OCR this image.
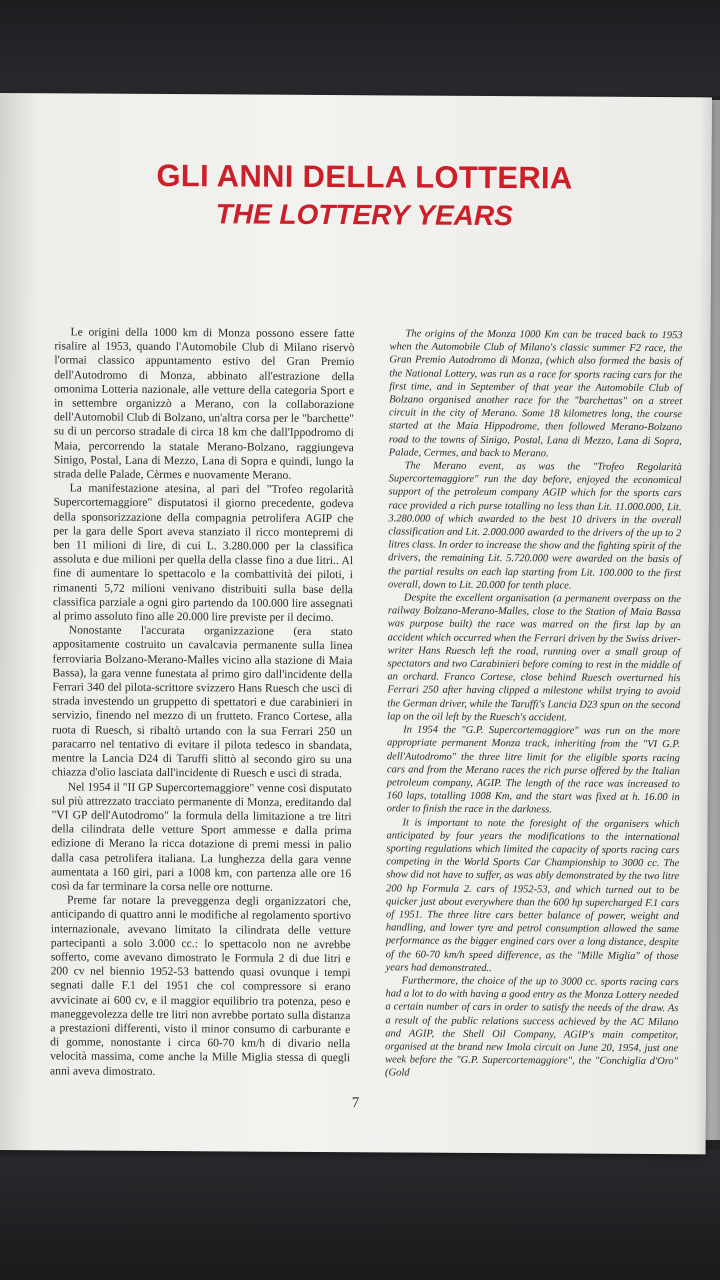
GLI ANNI DELLA LOTTERIA
THE LOTTERY YEARS

Le origini della 1000 km di Monza possono essere fatte risalire al 1953, quando l'Automobile Club di Milano riservò l'ormai classico appuntamento estivo del Gran Premio dell'Autodromo di Monza, abbinato all'estrazione della omonima Lotteria nazionale, alle vetture della categoria Sport e in settembre organizzò a Merano, con la collaborazione dell'Automobil Club di Bolzano, un'altra corsa per le "barchette" su di un percorso stradale di circa 18 km che dall'Ippodromo di Maia, percorrendo la statale Merano-Bolzano, raggiungeva Sinigo, Postal, Lana di Mezzo, Lana di Sopra e quindi, lungo la strada delle Palade, Cèrmes e nuovamente Merano.

La manifestazione atesina, al pari del "Trofeo regolarità Supercortemaggiore" disputatosi il giorno precedente, godeva della sponsorizzazione della compagnia petrolifera AGIP che per la gara delle Sport aveva stanziato il ricco montepremi di ben 11 milioni di lire, di cui L. 3.280.000 per la classifica assoluta e due milioni per quella della classe fino a due litri.. Al fine di aumentare lo spettacolo e la combattività dei piloti, i rimanenti 5,72 milioni venivano distribuiti sulla base della classifica parziale a ogni giro partendo da 100.000 lire assegnati al primo assoluto fino alle 20.000 lire previste per il decimo.

Nonostante l'accurata organizzazione (era stato appositamente costruito un cavalcavia permanente sulla linea ferroviaria Bolzano-Merano-Malles vicino alla stazione di Maia Bassa), la gara venne funestata al primo giro dall'incidente della Ferrari 340 del pilota-scrittore svizzero Hans Ruesch che uscì di strada investendo un gruppetto di spettatori e due carabinieri in servizio, finendo nel mezzo di un frutteto. Franco Cortese, alla ruota di Ruesch, si ribaltò urtando con la sua Ferrari 250 un paracarro nel tentativo di evitare il pilota tedesco in sbandata, mentre la Lancia D24 di Taruffi slittò al secondo giro su una chiazza d'olio lasciata dall'incidente di Ruesch e uscì di strada.

Nel 1954 il "II GP Supercortemaggiore" venne così disputato sul più attrezzato tracciato permanente di Monza, ereditando dal "VI GP dell'Autodromo" la formula della limitazione a tre litri della cilindrata delle vetture Sport ammesse e dalla prima edizione di Merano la ricca dotazione di premi messi in palio dalla casa petrolifera italiana. La lunghezza della gara venne aumentata a 160 giri, pari a 1008 km, con partenza alle ore 16 così da far terminare la corsa nelle ore notturne.

Preme far notare la preveggenza degli organizzatori che, anticipando di quattro anni le modifiche al regolamento sportivo internazionale, avevano limitato la cilindrata delle vetture partecipanti a solo 3.000 cc.: lo spettacolo non ne avrebbe sofferto, come avevano dimostrato le Formula 2 di due litri e 200 cv nel biennio 1952-53 battendo quasi ovunque i tempi segnati dalle F.1 del 1951 che col compressore si erano avvicinate ai 600 cv, e il maggior equilibrio tra potenza, peso e maneggevolezza delle tre litri non avrebbe portato sulla distanza a prestazioni differenti, visto il minor consumo di carburante e di gomme, nonostante i circa 60-70 km/h di divario nella velocità massima, come anche la Mille Miglia stessa di quegli anni aveva dimostrato.

The origins of the Monza 1000 Km can be traced back to 1953 when the Automobile Club of Milano's classic summer F2 race, the Gran Premio Autodromo di Monza, (which also formed the basis of the National Lottery, was run as a race for sports racing cars for the first time, and in September of that year the Automobile Club of Bolzano organised another race for the "barchettas" on a street circuit in the city of Merano. Some 18 kilometres long, the course started at the Maia Hippodrome, then followed Merano-Bolzano road to the towns of Sinigo, Postal, Lana di Mezzo, Lana di Sopra, Palade, Cermes, and back to Merano.

The Merano event, as was the "Trofeo Regolarità Supercortemaggiore" run the day before, enjoyed the economical support of the petroleum company AGIP which for the sports cars race provided a rich purse totalling no less than Lit. 11.000.000, Lit. 3.280.000 of which awarded to the best 10 drivers in the overall classification and Lit. 2.000.000 awarded to the drivers of the up to 2 litres class. In order to increase the show and the fighting spirit of the drivers, the remaining Lit. 5.720.000 were awarded on the basis of the partial results on each lap starting from Lit. 100.000 to the first overall, down to Lit. 20.000 for tenth place.

Despite the excellent organisation (a permanent overpass on the railway Bolzano-Merano-Malles, close to the Station of Maia Bassa was purpose built) the race was marred on the first lap by an accident which occurred when the Ferrari driven by the Swiss driver-writer Hans Ruesch left the road, running over a small group of spectators and two Carabinieri before coming to rest in the middle of an orchard. Franco Cortese, close behind Ruesch overturned his Ferrari 250 after having clipped a milestone whilst trying to avoid the German driver, while the Taruffi's Lancia D23 spun on the second lap on the oil left by the Ruesch's accident.

In 1954 the "G.P. Supercortemaggiore" was run on the more appropriate permanent Monza track, inheriting from the "VI G.P. dell'Autodromo" the three litre limit for the eligible sports racing cars and from the Merano races the rich purse offered by the Italian petroleum company, AGIP. The length of the race was increased to 160 laps, totalling 1008 Km, and the start was fixed at h. 16.00 in order to finish the race in the darkness.

It is important to note the foresight of the organisers which anticipated by four years the modifications to the international sporting regulations which limited the capacity of sports racing cars competing in the World Sports Car Championship to 3000 cc. The show did not have to suffer, as was ably demonstrated by the two litre 200 hp Formula 2. cars of 1952-53, and which turned out to be quicker just about everywhere than the 600 hp supercharged F.1 cars of 1951. The three litre cars better balance of power, weight and handling, and lower tyre and petrol consumption allowed the same performance as the bigger engined cars over a long distance, despite of the 60-70 km/h speed difference, as the "Mille Miglia" of those years had demonstrated..

Furthermore, the choice of the up to 3000 cc. sports racing cars had a lot to do with having a good entry as the Monza Lottery needed a certain number of cars in order to satisfy the needs of the draw. As a result of the public relations success achieved by the AC Milano and AGIP, the Shell Oil Company, AGIP's main competitor, organised at the brand new Imola circuit on June 20, 1954, just one week before the "G.P. Supercortemaggiore", the "Conchiglia d'Oro" (Gold

7
